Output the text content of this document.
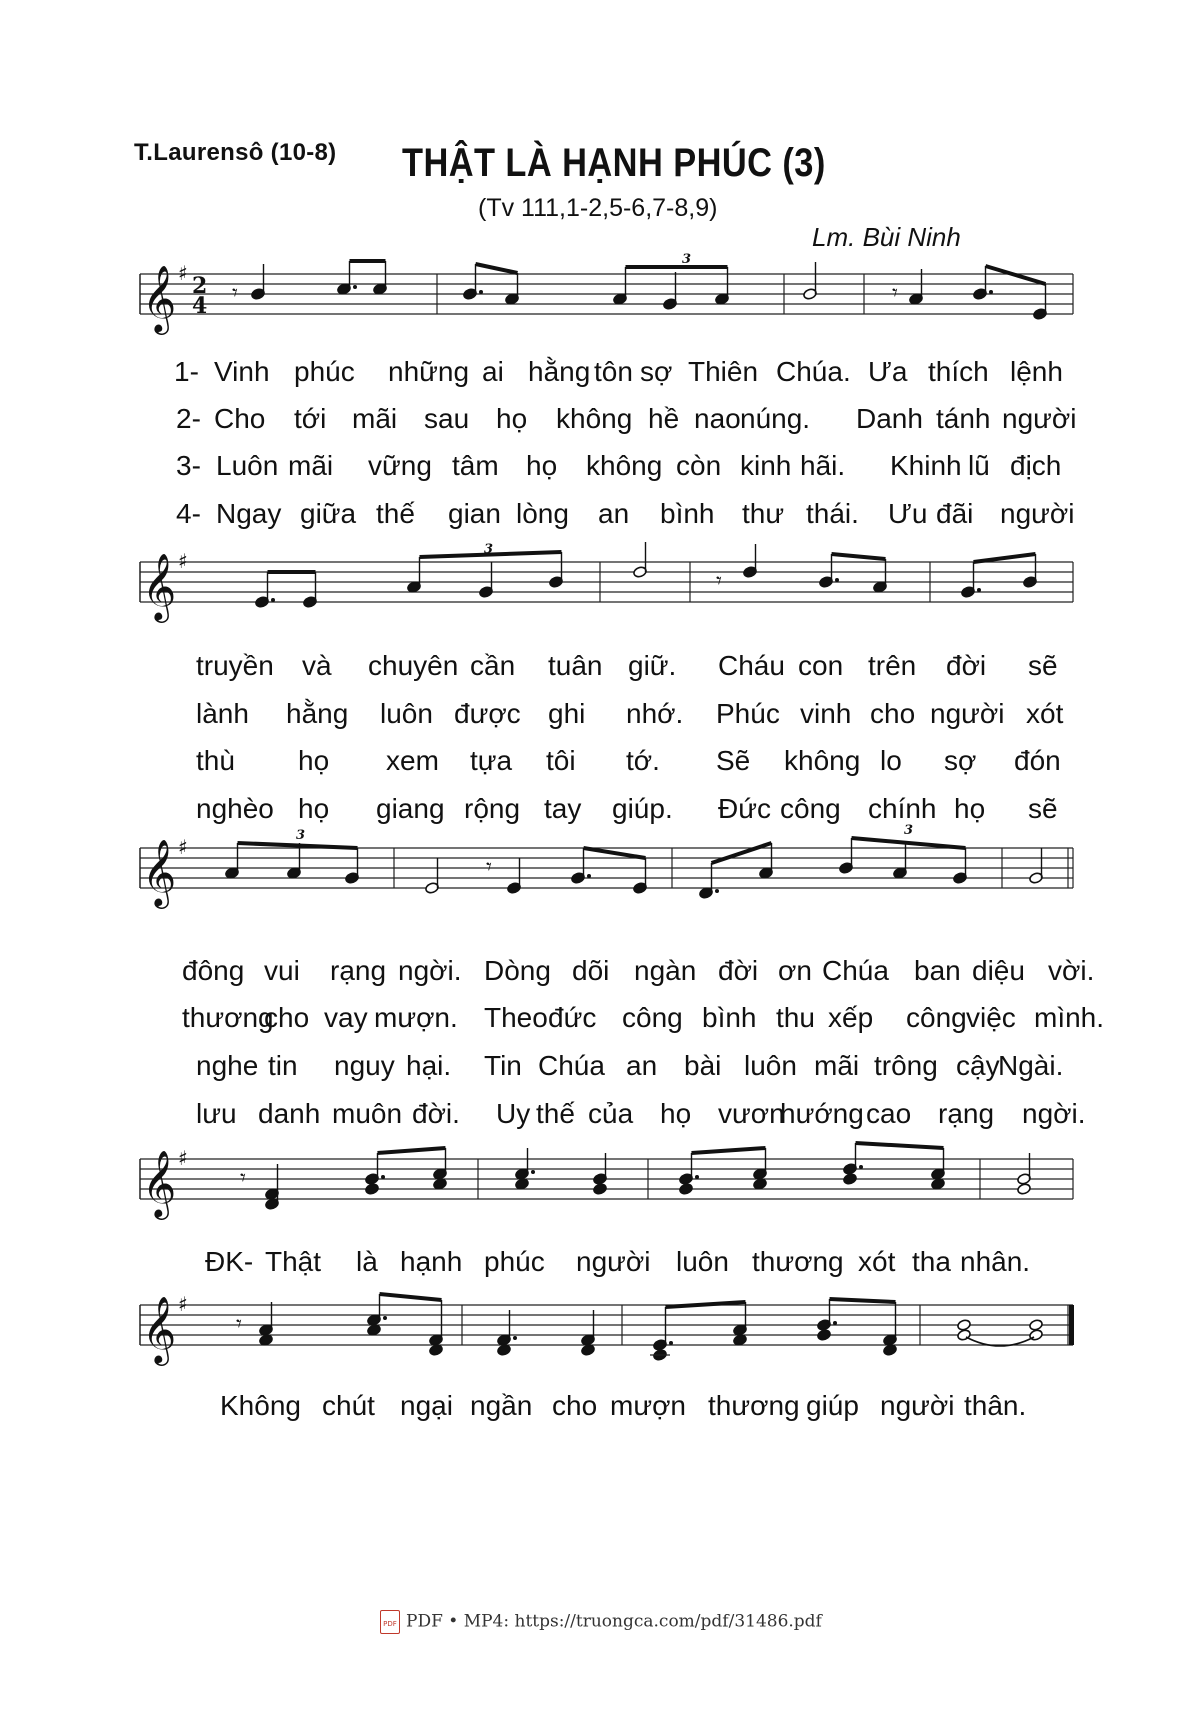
T.Laurensô (10-8) THẬT LÀ HẠNH PHÚC (3)
(Tv 111,1-2,5-6,7-8,9)
Lm. Bùi Ninh
𝄞 ♯ 2
4 𝄾
3
𝄾
𝄞 ♯	3
𝄾
𝄞 ♯	3
𝄾
3
𝄞 ♯
𝄾
𝄞 ♯
𝄾
1- Vinh phúc những ai hằng tôn sợ Thiên Chúa. Ưa thích lệnh
2- Cho tới mãi sau họ không hề nao núng. Danh tánh người
3- Luôn mãi vững tâm họ không còn kinh hãi. Khinh lũ địch
4- Ngay giữa thế gian lòng an bình thư thái. Ưu đãi người
truyền và chuyên cần tuân giữ. Cháu con trên đời sẽ
lành hằng luôn được ghi nhớ. Phúc vinh cho người xót
thù họ xem tựa tôi tớ. Sẽ không lo sợ đón
nghèo họ giang rộng tay giúp. Đức công chính họ sẽ
đông vui rạng ngời. Dòng dõi ngàn đời ơn Chúa ban diệu vời.
thương
cho vay mượn. Theo đức công bình thu xếp công việc mình.
nghe tin nguy hại. Tin Chúa an bài luôn mãi trông cậy
Ngài.
lưu danh muôn đời. Uy thế của họ vươn
hướng cao rạng ngời.
ĐK- Thật là hạnh phúc người luôn thương xót tha nhân.
Không chút ngại ngần cho mượn thương giúp người thân.
PDF PDF • MP4: https://truongca.com/pdf/31486.pdf
